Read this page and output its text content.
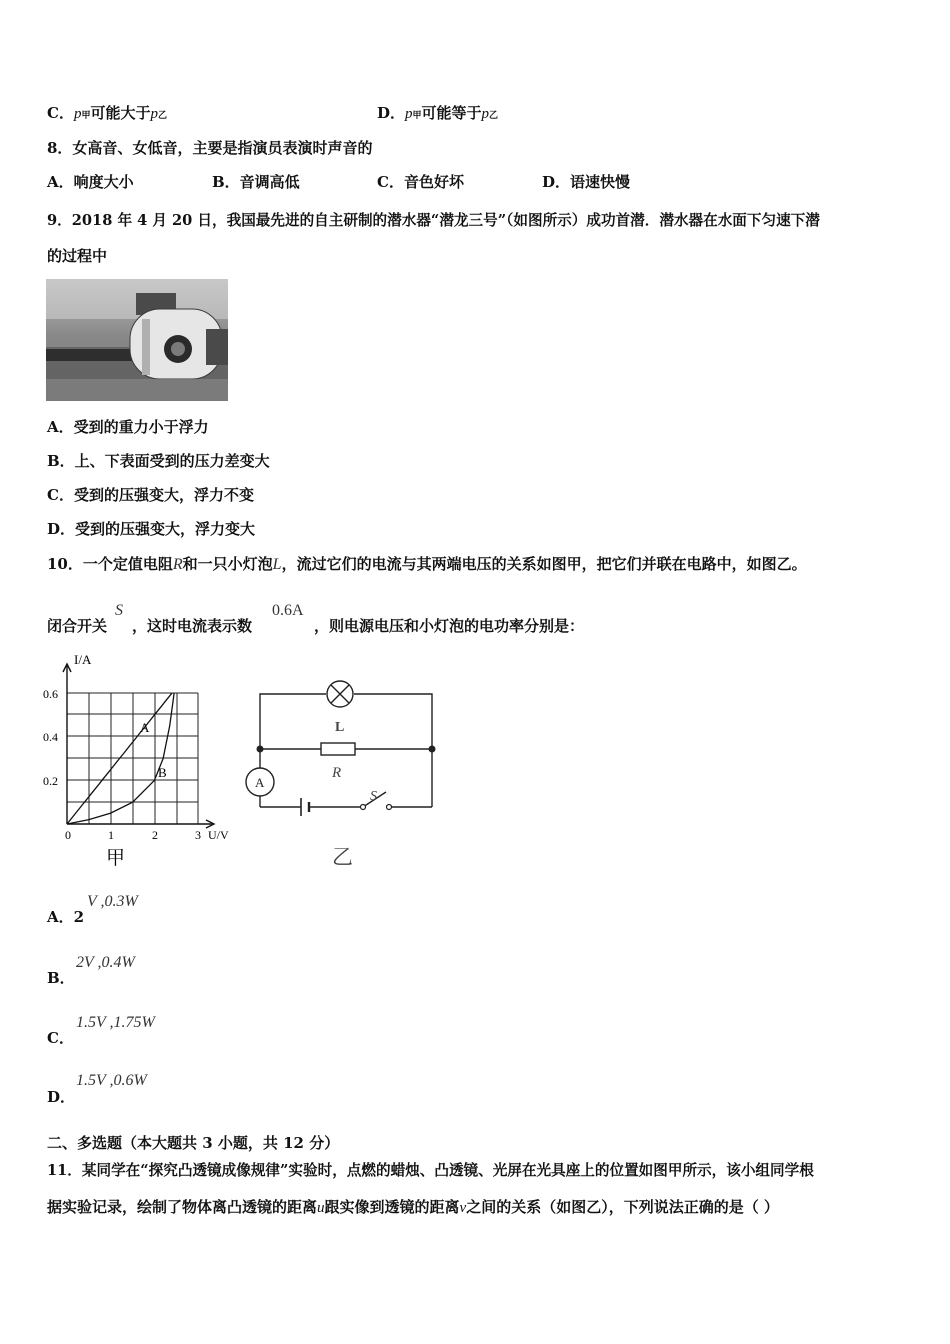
C．p甲可能大于p乙	D．p甲可能等于p乙
8．女高音、女低音，主要是指演员表演时声音的
A．响度大小	B．音调高低	C．音色好坏	D．语速快慢
9．2018 年 4 月 20 日，我国最先进的自主研制的潜水器“潜龙三号”（如图所示）成功首潜．潜水器在水面下匀速下潜
的过程中
A．受到的重力小于浮力
B．上、下表面受到的压力差变大
C．受到的压强变大，浮力不变
D．受到的压强变大，浮力变大
10．一个定值电阻R和一只小灯泡L，流过它们的电流与其两端电压的关系如图甲，把它们并联在电路中，如图乙。
闭合开关
S
，这时电流表示数
0.6A
，则电源电压和小灯泡的电功率分别是：
I/A
0.6
0.4
0.2
0	1	2	3 U/V
A
B
甲
L
R
A
S
乙
A．2
V ,0.3W
B．
2V ,0.4W
C．
1.5V ,1.75W
D．
1.5V ,0.6W
二、多选题（本大题共 3 小题，共 12 分）
11．某同学在“探究凸透镜成像规律”实验时，点燃的蜡烛、凸透镜、光屏在光具座上的位置如图甲所示，该小组同学根
据实验记录，绘制了物体离凸透镜的距离u跟实像到透镜的距离v之间的关系（如图乙），下列说法正确的是（ ）
